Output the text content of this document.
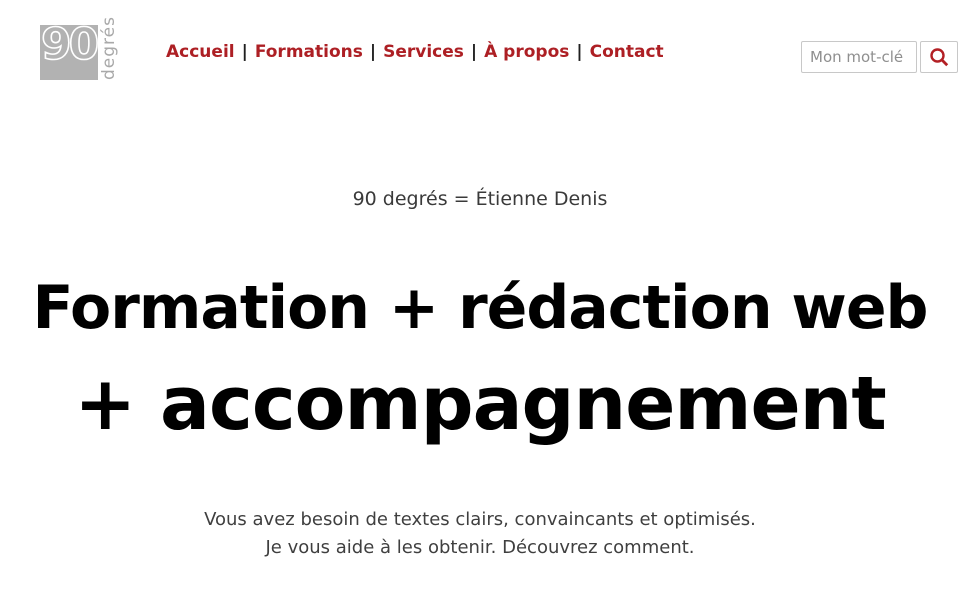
90 degrés	Accueil | Formations | Services | À propos | Contact
Mon mot-clé ici

90 degrés = Étienne Denis

Formation + rédaction web
+ accompagnement

Vous avez besoin de textes clairs, convaincants et optimisés.
Je vous aide à les obtenir. Découvrez comment.
